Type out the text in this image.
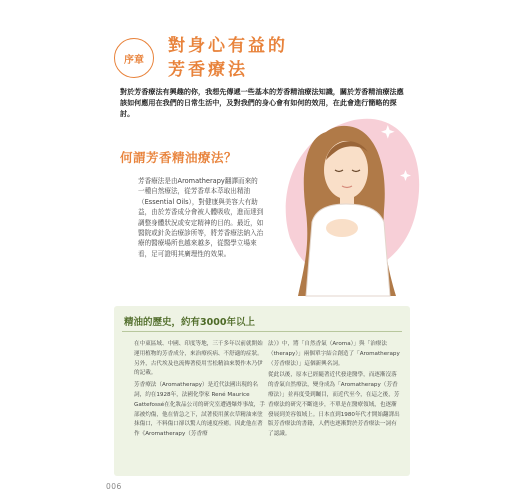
序章
對身心有益的
芳香療法
對於芳香療法有興趣的你，我想先傳遞一些基本的芳香精油療法知識，關於芳香精油療法應該如何應用在我們的日常生活中，及對我們的身心會有如何的效用，在此會進行簡略的探討。
何謂芳香精油療法？
芳香療法是由Aromatherapy翻譯而來的一種自然療法，從芳香草本萃取出精油（Essential Oils），對健康與美容大有助益，由於芳香成分會被人體吸收，進而達到調整身體狀況或安定精神的目的。最近，如醫院或針灸治療診所等，將芳香療法納入治療的醫療場所也越來越多，從醫學立場來看，足可證明其廣理性的效果。
精油的歷史，約有3000年以上

在中東區域、中國、印度等地，三千多年以前就開始運用植物的芳香成分，來治療疾病、不舒適的症狀。另外，古代埃及也流傳著使用雪松精油來製作木乃伊的記載。

芳香療法（Aromatherapy）是近代法國出現的名詞，約在1928年，法國化學家 René Maurice Gattefossé在化妝品公司的研究室遭遇爆炸事故，手部被灼傷，他在情急之下，試著使用薰衣草精油來塗抹傷口，不料傷口卻以驚人的速度痊癒。因此他在著作《Aromatherapy（芳香療

法）》中，將「自然香氣（Aroma）」與「治療法（therapy）」兩個單字結合創造了「Aromatherapy（芳香療法）」這個新興名詞。

從此以後，原本已經隨著近代發達醫學，而逐漸沒落的香氣自然療法，變身成為「Aromatherapy（芳香療法）」並再度受到矚目，而近代至今，在這之後，芳香療法的研究不斷進步，不單是在醫療領域，也逐漸發展到美容領域上。日本直到1980年代才開始翻譯出版芳香療法的書籍，人們也逐漸對於芳香療法一詞有了認識。

006
